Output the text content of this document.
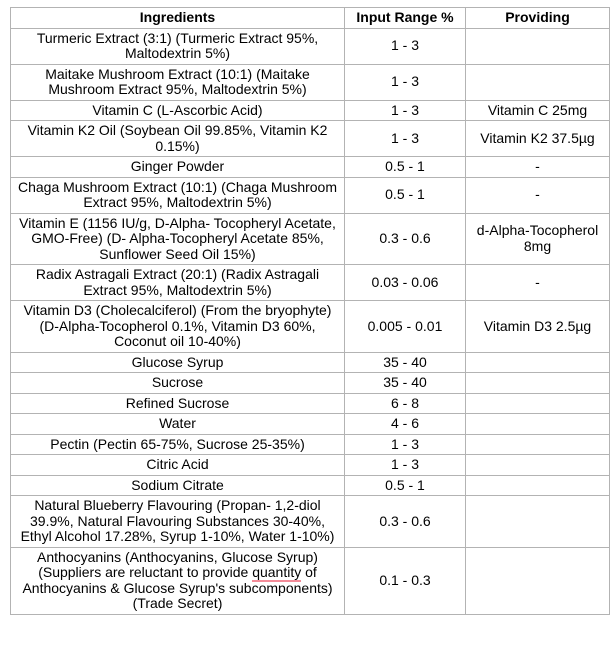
Ingredients	Input Range %	Providing
Turmeric Extract (3:1) (Turmeric Extract 95%, Maltodextrin 5%)	1 - 3	
Maitake Mushroom Extract (10:1) (Maitake Mushroom Extract 95%, Maltodextrin 5%)	1 - 3	
Vitamin C (L-Ascorbic Acid)	1 - 3	Vitamin C 25mg
Vitamin K2 Oil (Soybean Oil 99.85%, Vitamin K2 0.15%)	1 - 3	Vitamin K2 37.5µg
Ginger Powder	0.5 - 1	-
Chaga Mushroom Extract (10:1) (Chaga Mushroom Extract 95%, Maltodextrin 5%)	0.5 - 1	-
Vitamin E (1156 IU/g, D-Alpha- Tocopheryl Acetate, GMO-Free) (D- Alpha-Tocopheryl Acetate 85%, Sunflower Seed Oil 15%)	0.3 - 0.6	d-Alpha-Tocopherol 8mg
Radix Astragali Extract (20:1) (Radix Astragali Extract 95%, Maltodextrin 5%)	0.03 - 0.06	-
Vitamin D3 (Cholecalciferol) (From the bryophyte) (D-Alpha-Tocopherol 0.1%, Vitamin D3 60%, Coconut oil 10-40%)	0.005 - 0.01	Vitamin D3 2.5µg
Glucose Syrup	35 - 40	
Sucrose	35 - 40	
Refined Sucrose	6 - 8	
Water	4 - 6	
Pectin (Pectin 65-75%, Sucrose 25-35%)	1 - 3	
Citric Acid	1 - 3	
Sodium Citrate	0.5 - 1	
Natural Blueberry Flavouring (Propan- 1,2-diol 39.9%, Natural Flavouring Substances 30-40%, Ethyl Alcohol 17.28%, Syrup 1-10%, Water 1-10%)	0.3 - 0.6	
Anthocyanins (Anthocyanins, Glucose Syrup) (Suppliers are reluctant to provide quantity of Anthocyanins & Glucose Syrup's subcomponents) (Trade Secret)	0.1 - 0.3	
